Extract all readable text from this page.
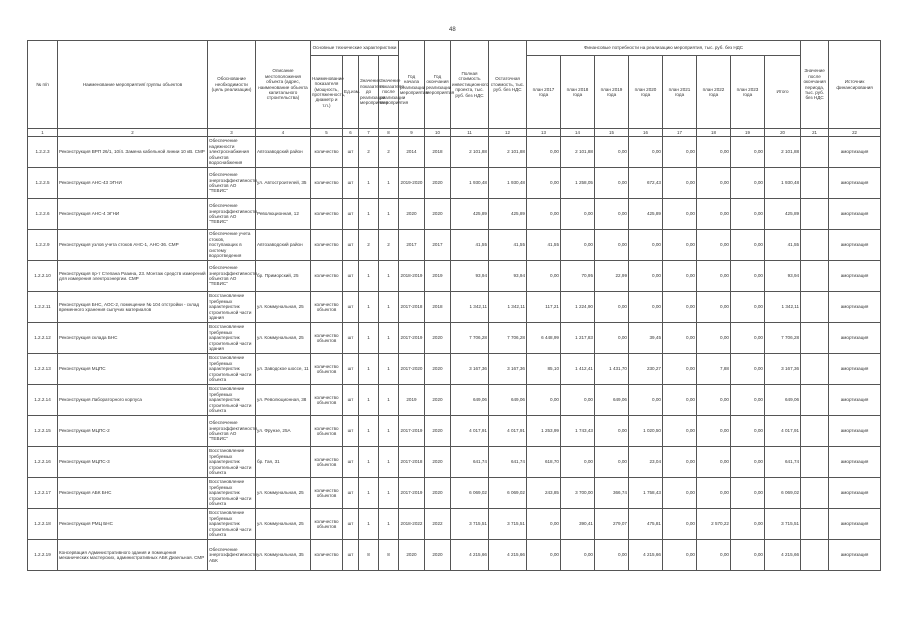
48
№ п/п	Наименование мероприятия/ группы объектов	Обоснование необходимости (цель реализации)	Описание местоположения объекта (адрес, наименование объекта капитального строительства)	Основные технические характеристики				Год начала реализации мероприятия	Год окончания реализации мероприятия	Полная стоимость инвестиционного проекта, тыс. руб. без НДС	Остаточная стоимость, тыс. руб. без НДС	Финансовые потребности на реализацию мероприятия, тыс. руб. без НДС								Значение после окончания периода, тыс. руб. без НДС	Источник финансирования
				Наименование показателя (мощность, протяженность, диаметр и т.п.)	Ед.изм.	Значение показателя до реализации мероприятия	Значение показателя после реализации мероприятия					план 2017 года	план 2018 года	план 2019 года	план 2020 года	план 2021 года	план 2022 года	план 2023 года	Итого		
1	2	3	4	5	6	7	8	9	10	11	12	13	14	15	16	17	18	19	20	21	22
1.2.2.3	Реконструкция ВРП 26/1, 10/4. Замена кабельной линии 10 кВ. СМР	Обеспечение надежности электроснабжения объектов водоснабжения	Автозаводский район	количество	шт	2	2	2014	2018	2 101,88	2 101,88	0,00	2 101,88	0,00	0,00	0,00	0,00	0,00	2 101,88		амортизация
1.2.2.5	Реконструкция АНС-43 ЭГНИ	Обеспечение энергоэффективности объектов АО "ТЕВИС"	ул. Автостроителей, 35	количество	шт	1	1	2019-2020	2020	1 930,48	1 930,48	0,00	1 258,05	0,00	672,43	0,00	0,00	0,00	1 930,48		амортизация
1.2.2.6	Реконструкция АНС-4 ЭГНИ	Обеспечение энергоэффективности объектов АО "ТЕВИС"	Революционная, 12	количество	шт	1	1	2020	2020	425,89	425,89	0,00	0,00	0,00	425,89	0,00	0,00	0,00	425,89		амортизация
1.2.2.9	Реконструкция узлов учета стоков АНС-1, АНС-36. СМР	Обеспечение учета стоков, поступающих в систему водоотведения	Автозаводский район	количество	шт	2	2	2017	2017	41,55	41,55	41,55	0,00	0,00	0,00	0,00	0,00	0,00	41,55		амортизация
1.2.2.10	Реконструкция пр-т Степана Разина, 23. Монтаж средств измерений для измерения электроэнергии. СМР	Обеспечение энергоэффективности объектов АО "ТЕВИС"	бр. Приморский, 25	количество	шт	1	1	2018-2019	2019	93,94	93,94	0,00	70,95	22,99	0,00	0,00	0,00	0,00	93,94		амортизация
1.2.2.11	Реконструкция БНС, АОС-2, помещение № 104 отстройки - склад временного хранения сыпучих материалов	Восстановление требуемых характеристик строительной части здания	ул. Коммунальная, 25	количество объектов	шт	1	1	2017-2018	2018	1 342,11	1 342,11	117,21	1 224,90	0,00	0,00	0,00	0,00	0,00	1 342,11		амортизация
1.2.2.12	Реконструкция склада БНС	Восстановление требуемых характеристик строительной части здания	ул. Коммунальная, 25	количество объектов	шт	1	1	2017-2019	2020	7 706,28	7 706,28	6 448,99	1 217,83	0,00	39,45	0,00	0,00	0,00	7 706,28		амортизация
1.2.2.13	Реконструкция МЦПС	Восстановление требуемых характеристик строительной части объекта	ул. Заводское шоссе, 11	количество объектов	шт	1	1	2017-2020	2020	3 167,36	3 167,36	85,10	1 412,41	1 431,70	230,27	0,00	7,88	0,00	3 167,36		амортизация
1.2.2.14	Реконструкция Лабораторного корпуса	Восстановление требуемых характеристик строительной части объекта	ул. Революционная, 38	количество объектов	шт	1	1	2019	2020	649,06	649,06	0,00	0,00	649,06	0,00	0,00	0,00	0,00	649,06		амортизация
1.2.2.15	Реконструкция МЦПС-2	Обеспечение энергоэффективности объектов АО "ТЕВИС"	ул. Фрунзе, 25А	количество объектов	шт	1	1	2017-2019	2020	4 017,91	4 017,91	1 253,99	1 743,43	0,00	1 020,50	0,00	0,00	0,00	4 017,91		амортизация
1.2.2.16	Реконструкция МЦПС-3	Восстановление требуемых характеристик строительной части объекта	бр. Гая, 31	количество объектов	шт	1	1	2017-2018	2020	641,74	641,74	618,70	0,00	0,00	23,04	0,00	0,00	0,00	641,74		амортизация
1.2.2.17	Реконструкция АБК БНС	Восстановление требуемых характеристик строительной части объекта	ул. Коммунальная, 25	количество объектов	шт	1	1	2017-2019	2020	6 069,02	6 069,02	243,85	3 700,00	366,74	1 758,43	0,00	0,00	0,00	6 069,02		амортизация
1.2.2.18	Реконструкция РМЦ БНС	Восстановление требуемых характеристик строительной части объекта	ул. Коммунальная, 25	количество объектов	шт	1	1	2018-2022	2022	3 715,51	3 715,51	0,00	390,41	279,07	475,81	0,00	2 570,22	0,00	3 715,51		амортизация
1.2.2.19	Консервация Административного здания и помещения механических мастерских, административных АБК Дизельная. СМР	Обеспечение энергоэффективности АБК	ул. Коммунальная, 35	количество	шт	8	8	2020	2020	4 215,66	4 215,66	0,00	0,00	0,00	4 215,66	0,00	0,00	0,00	4 215,66		амортизация
